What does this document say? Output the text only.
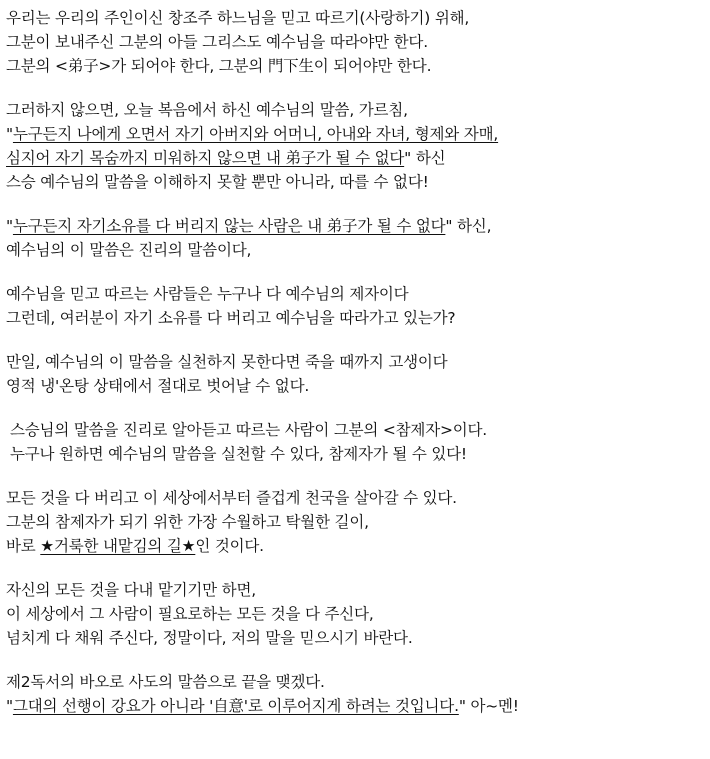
우리는 우리의 주인이신 창조주 하느님을 믿고 따르기(사랑하기) 위해,
그분이 보내주신 그분의 아들 그리스도 예수님을 따라야만 한다.
그분의 <弟子>가 되어야 한다, 그분의 門下生이 되어야만 한다.
그러하지 않으면, 오늘 복음에서 하신 예수님의 말씀, 가르침,
"누구든지 나에게 오면서 자기 아버지와 어머니, 아내와 자녀, 형제와 자매,
심지어 자기 목숨까지 미워하지 않으면 내 弟子가 될 수 없다" 하신
스승 예수님의 말씀을 이해하지 못할 뿐만 아니라, 따를 수 없다!
"누구든지 자기소유를 다 버리지 않는 사람은 내 弟子가 될 수 없다" 하신,
예수님의 이 말씀은 진리의 말씀이다,
예수님을 믿고 따르는 사람들은 누구나 다 예수님의 제자이다
그런데, 여러분이 자기 소유를 다 버리고 예수님을 따라가고 있는가?
만일, 예수님의 이 말씀을 실천하지 못한다면 죽을 때까지 고생이다
영적 냉'온탕 상태에서 절대로 벗어날 수 없다.
스승님의 말씀을 진리로 알아듣고 따르는 사람이 그분의 <참제자>이다.
누구나 원하면 예수님의 말씀을 실천할 수 있다, 참제자가 될 수 있다!
모든 것을 다 버리고 이 세상에서부터 즐겁게 천국을 살아갈 수 있다.
그분의 참제자가 되기 위한 가장 수월하고 탁월한 길이,
바로 ★거룩한 내맡김의 길★인 것이다.
자신의 모든 것을 다내 맡기기만 하면,
이 세상에서 그 사람이 필요로하는 모든 것을 다 주신다,
넘치게 다 채워 주신다, 정말이다, 저의 말을 믿으시기 바란다.
제2독서의 바오로 사도의 말씀으로 끝을 맺겠다.
"그대의 선행이 강요가 아니라 '自意'로 이루어지게 하려는 것입니다." 아~멘!
